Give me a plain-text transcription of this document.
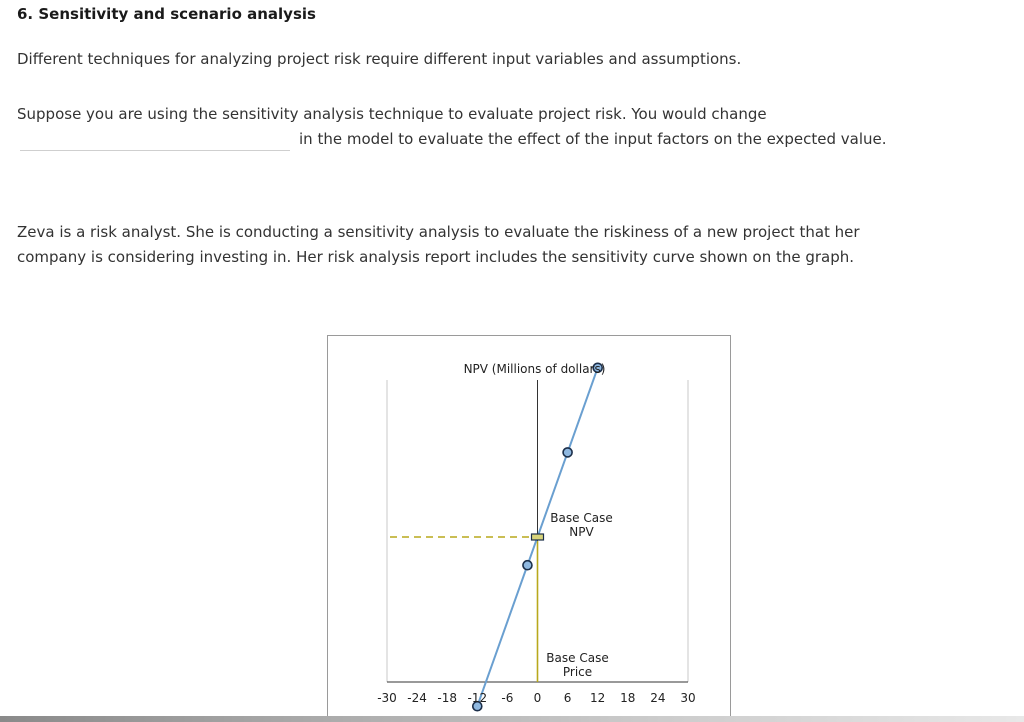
6. Sensitivity and scenario analysis
Different techniques for analyzing project risk require different input variables and assumptions.
Suppose you are using the sensitivity analysis technique to evaluate project risk. You would change
in the model to evaluate the effect of the input factors on the expected value.
Zeva is a risk analyst. She is conducting a sensitivity analysis to evaluate the riskiness of a new project that her
company is considering investing in. Her risk analysis report includes the sensitivity curve shown on the graph.
NPV (Millions of dollars)
-30 -24 -18 -12 -6 0 6 12 18 24 30
Base Case
NPV
Base Case
Price
